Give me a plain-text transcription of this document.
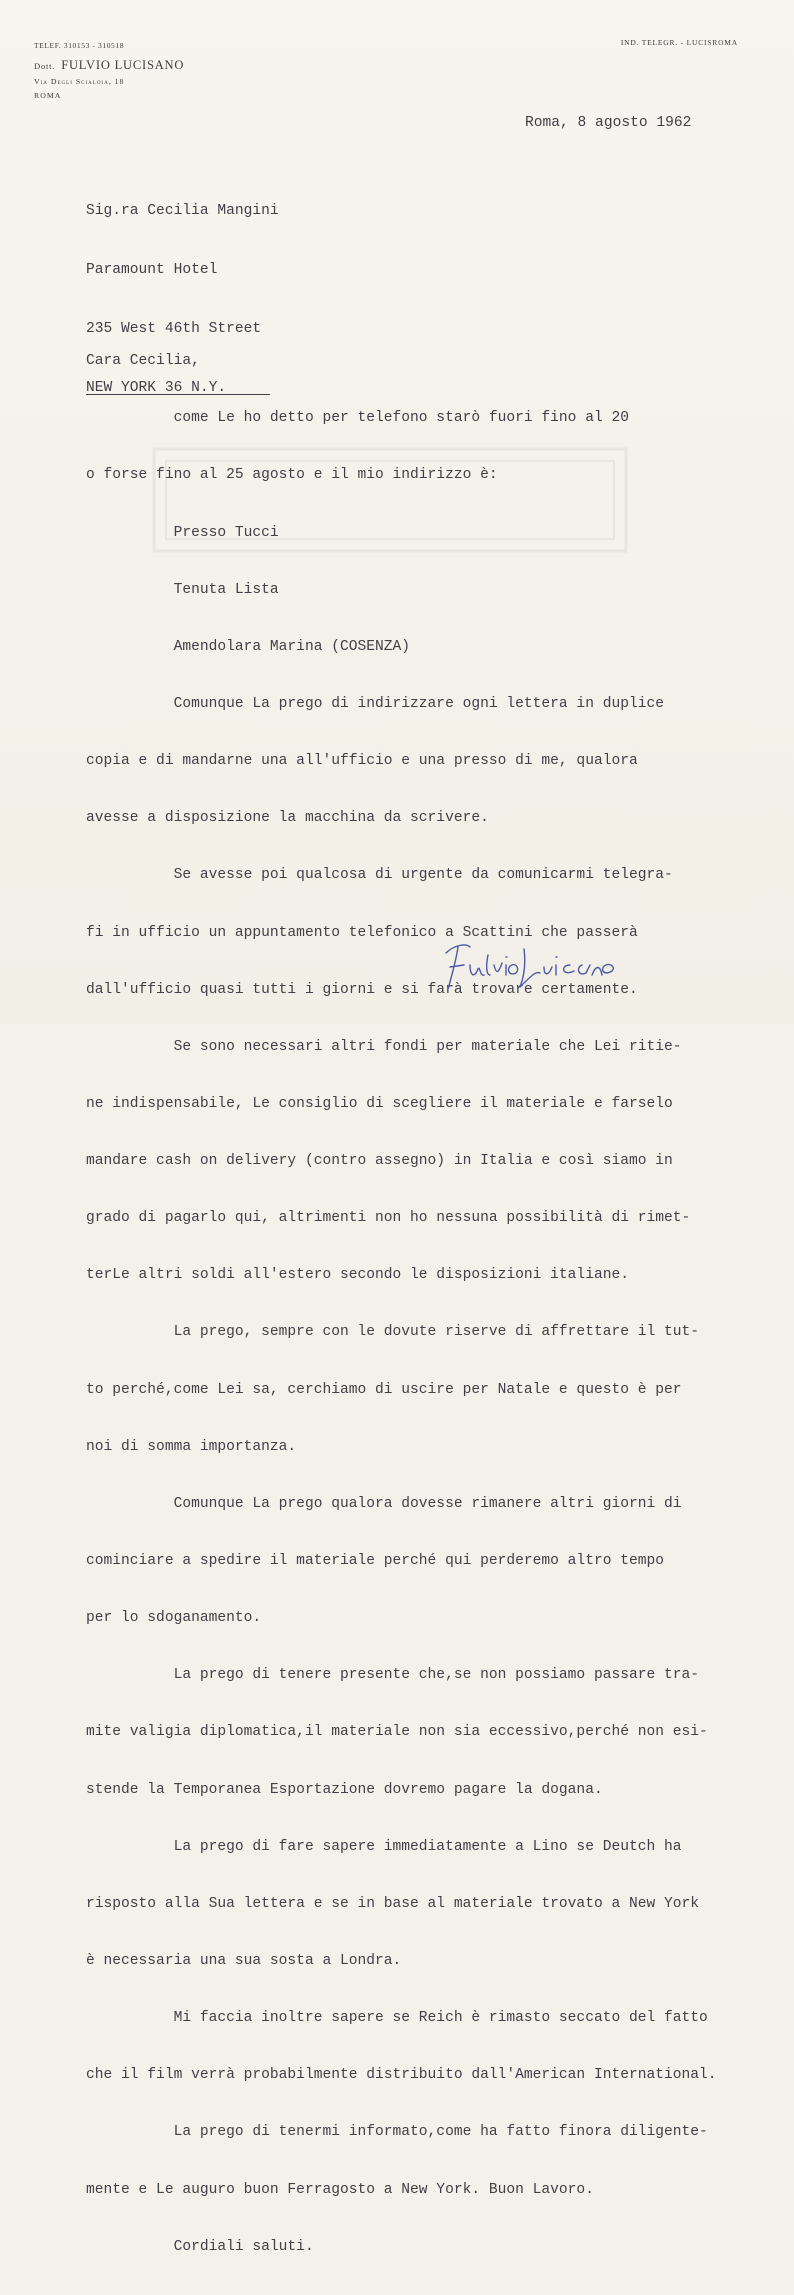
TELEF. 310153 - 310518
Dott. FULVIO LUCISANO
Via Degli Scialoia, 18
ROMA
IND. TELEGR. - LUCISROMA
Roma, 8 agosto 1962

Sig.ra Cecilia Mangini

Paramount Hotel

235 West 46th Street

NEW YORK 36 N.Y.

Cara Cecilia,

come Le ho detto per telefono starò fuori fino al 20

o forse fino al 25 agosto e il mio indirizzo è:

Presso Tucci

Tenuta Lista

Amendolara Marina (COSENZA)

Comunque La prego di indirizzare ogni lettera in duplice

copia e di mandarne una all'ufficio e una presso di me, qualora

avesse a disposizione la macchina da scrivere.

Se avesse poi qualcosa di urgente da comunicarmi telegra-

fi in ufficio un appuntamento telefonico a Scattini che passerà

dall'ufficio quasi tutti i giorni e si farà trovare certamente.

Se sono necessari altri fondi per materiale che Lei ritie-

ne indispensabile, Le consiglio di scegliere il materiale e farselo

mandare cash on delivery (contro assegno) in Italia e così siamo in

grado di pagarlo qui, altrimenti non ho nessuna possibilità di rimet-

terLe altri soldi all'estero secondo le disposizioni italiane.

La prego, sempre con le dovute riserve di affrettare il tut-

to perché,come Lei sa, cerchiamo di uscire per Natale e questo è per

noi di somma importanza.

Comunque La prego qualora dovesse rimanere altri giorni di

cominciare a spedire il materiale perché qui perderemo altro tempo

per lo sdoganamento.

La prego di tenere presente che,se non possiamo passare tra-

mite valigia diplomatica,il materiale non sia eccessivo,perché non esi-

stende la Temporanea Esportazione dovremo pagare la dogana.

La prego di fare sapere immediatamente a Lino se Deutch ha

risposto alla Sua lettera e se in base al materiale trovato a New York

è necessaria una sua sosta a Londra.

Mi faccia inoltre sapere se Reich è rimasto seccato del fatto

che il film verrà probabilmente distribuito dall'American International.

La prego di tenermi informato,come ha fatto finora diligente-

mente e Le auguro buon Ferragosto a New York. Buon Lavoro.

Cordiali saluti.
